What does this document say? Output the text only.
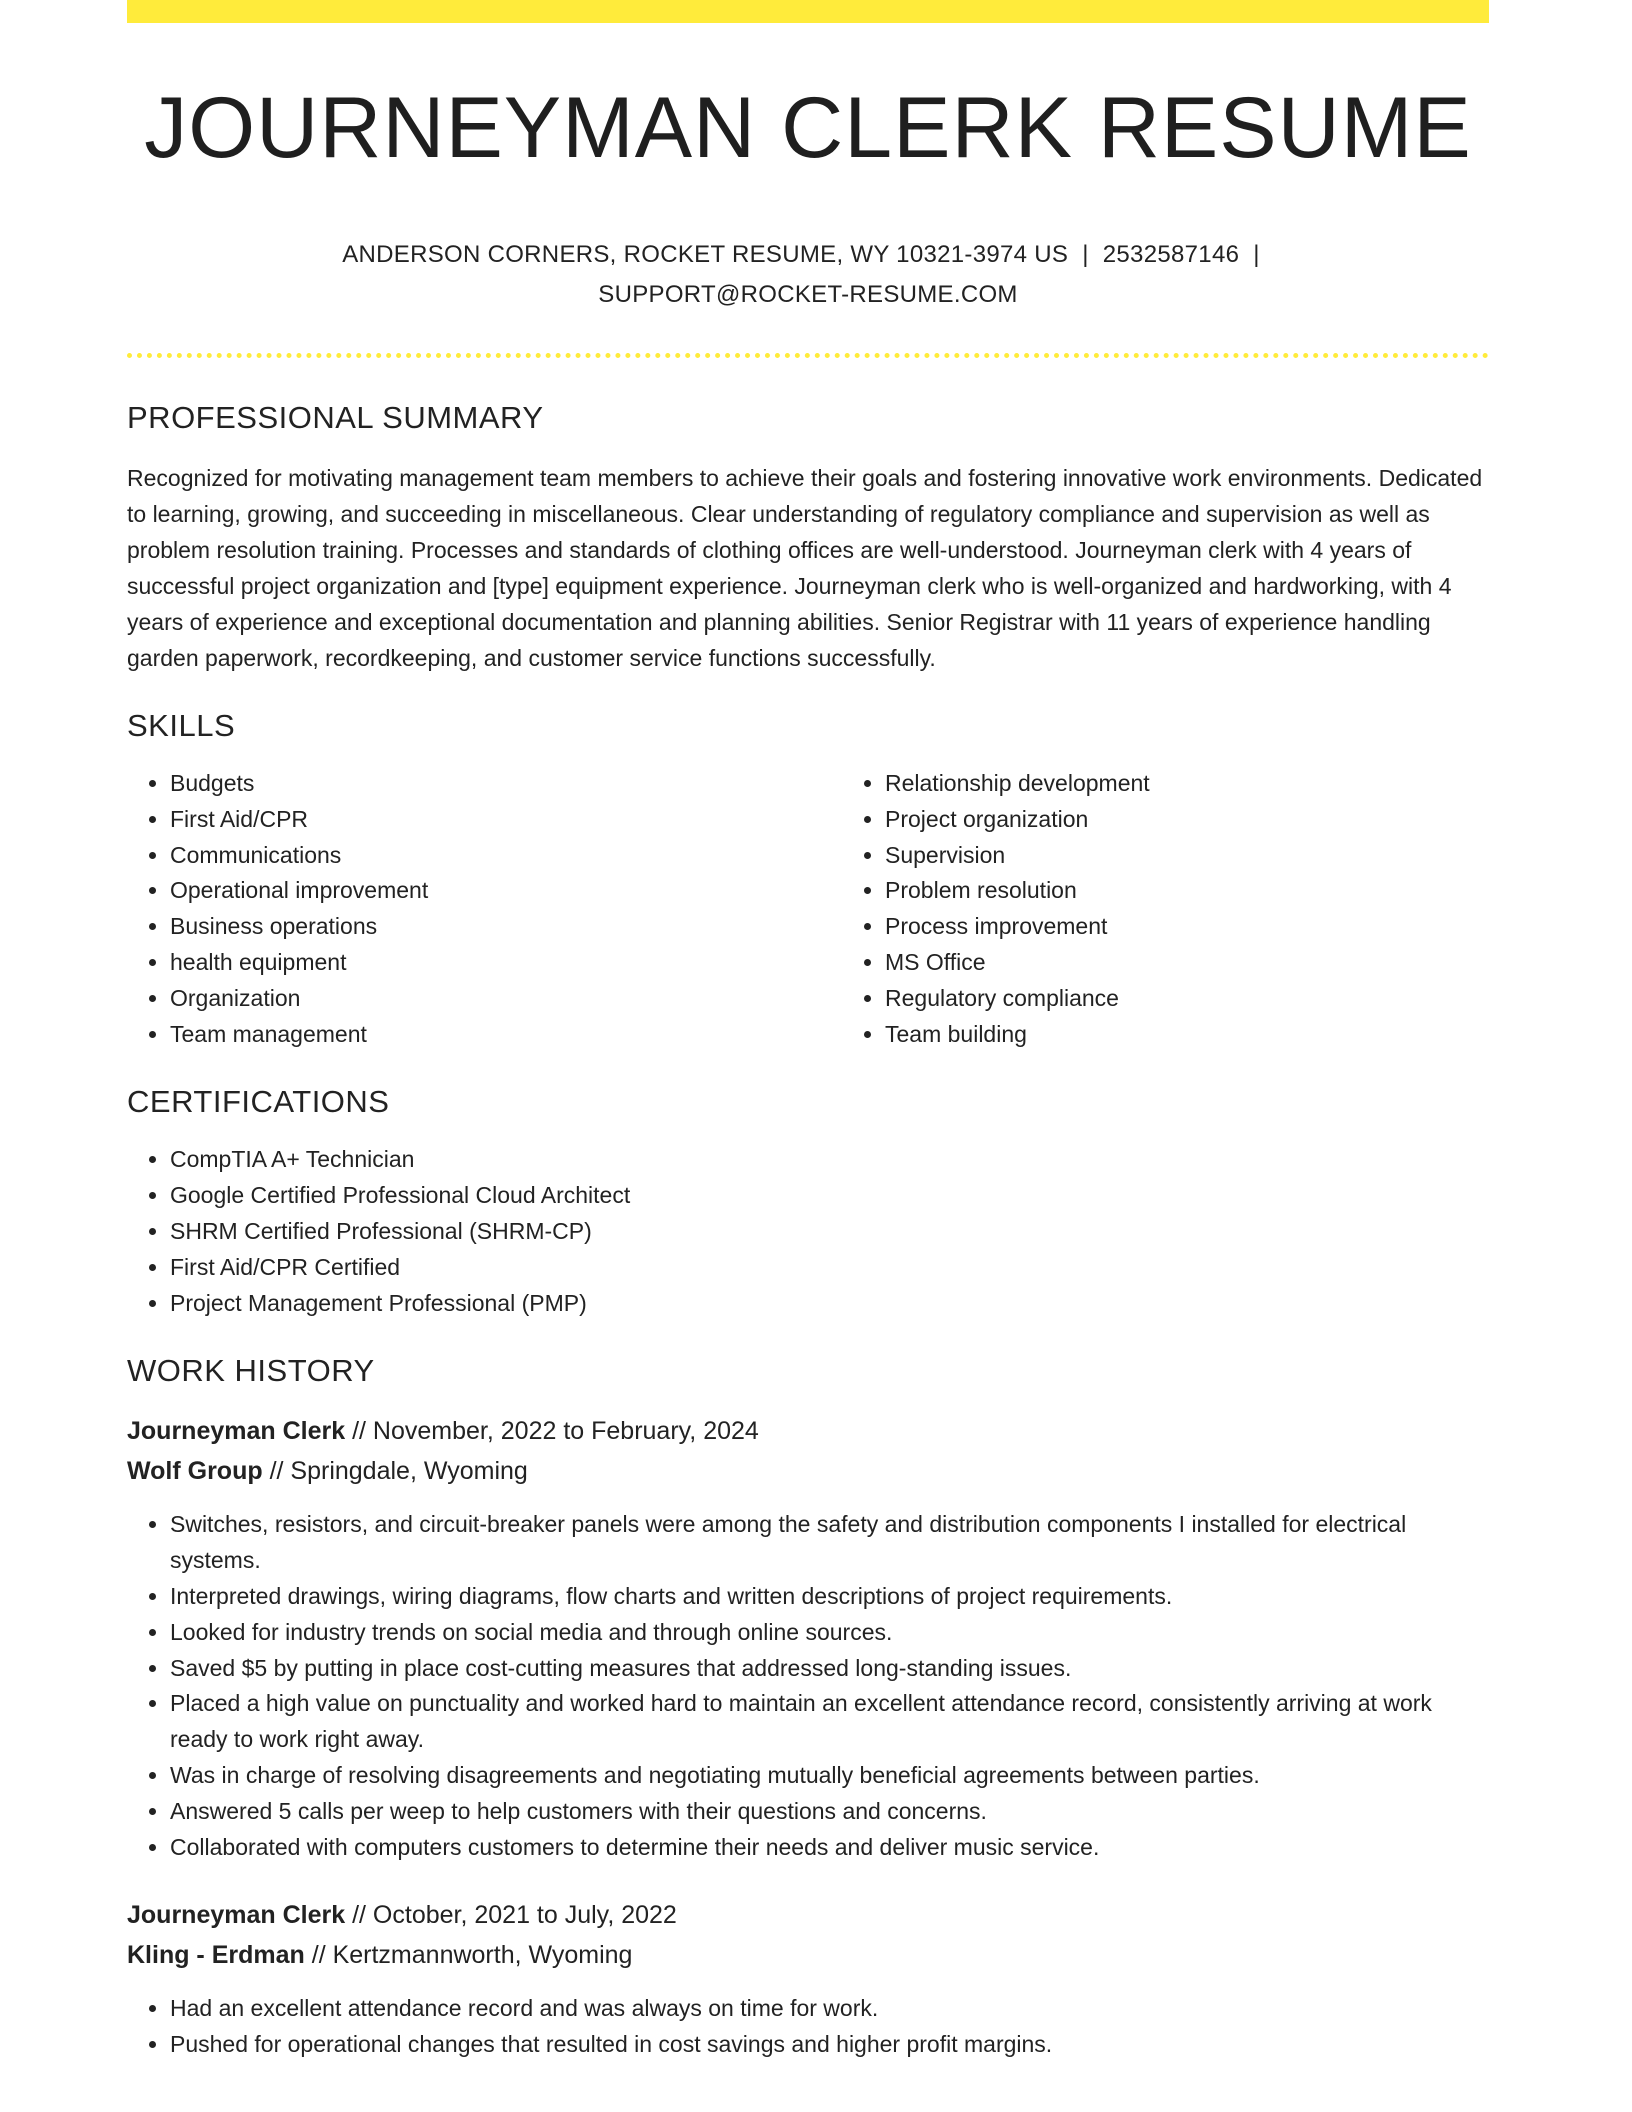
JOURNEYMAN CLERK RESUME
ANDERSON CORNERS, ROCKET RESUME, WY 10321-3974 US | 2532587146 |
SUPPORT@ROCKET-RESUME.COM
PROFESSIONAL SUMMARY

Recognized for motivating management team members to achieve their goals and fostering innovative work environments. Dedicated to learning, growing, and succeeding in miscellaneous. Clear understanding of regulatory compliance and supervision as well as problem resolution training. Processes and standards of clothing offices are well-understood. Journeyman clerk with 4 years of successful project organization and [type] equipment experience. Journeyman clerk who is well-organized and hardworking, with 4 years of experience and exceptional documentation and planning abilities. Senior Registrar with 11 years of experience handling garden paperwork, recordkeeping, and customer service functions successfully.

SKILLS
• Budgets
• First Aid/CPR
• Communications
• Operational improvement
• Business operations
• health equipment
• Organization
• Team management
• Relationship development
• Project organization
• Supervision
• Problem resolution
• Process improvement
• MS Office
• Regulatory compliance
• Team building
CERTIFICATIONS
• CompTIA A+ Technician
• Google Certified Professional Cloud Architect
• SHRM Certified Professional (SHRM-CP)
• First Aid/CPR Certified
• Project Management Professional (PMP)
WORK HISTORY
Journeyman Clerk // November, 2022 to February, 2024
Wolf Group // Springdale, Wyoming
• Switches, resistors, and circuit-breaker panels were among the safety and distribution components I installed for electrical systems.
• Interpreted drawings, wiring diagrams, flow charts and written descriptions of project requirements.
• Looked for industry trends on social media and through online sources.
• Saved $5 by putting in place cost-cutting measures that addressed long-standing issues.
• Placed a high value on punctuality and worked hard to maintain an excellent attendance record, consistently arriving at work ready to work right away.
• Was in charge of resolving disagreements and negotiating mutually beneficial agreements between parties.
• Answered 5 calls per weep to help customers with their questions and concerns.
• Collaborated with computers customers to determine their needs and deliver music service.
Journeyman Clerk // October, 2021 to July, 2022
Kling - Erdman // Kertzmannworth, Wyoming
• Had an excellent attendance record and was always on time for work.
• Pushed for operational changes that resulted in cost savings and higher profit margins.
